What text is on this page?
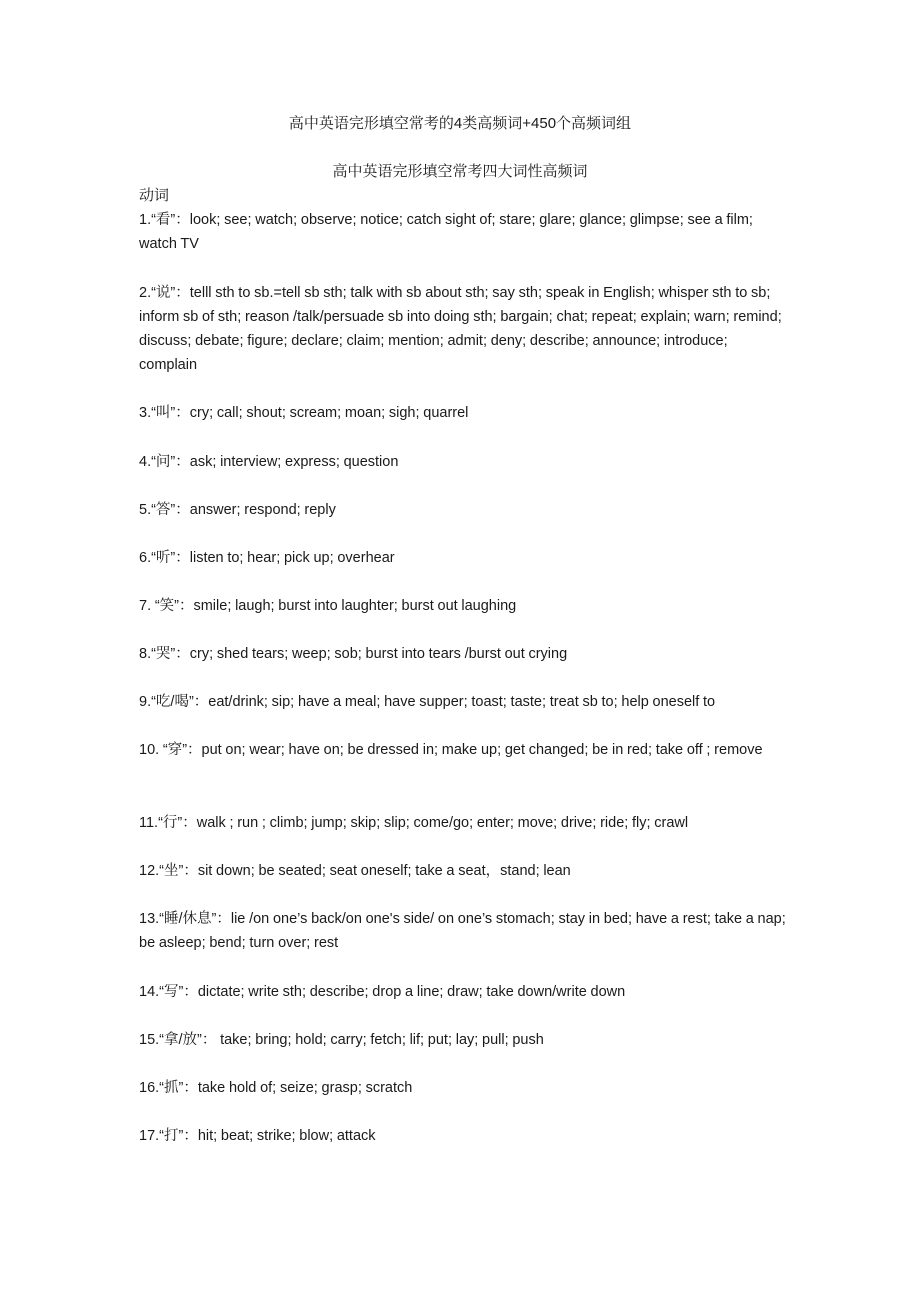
高中英语完形填空常考的4类高频词+450个高频词组
高中英语完形填空常考四大词性高频词
动词
1.“看”：look; see; watch; observe; notice; catch sight of; stare; glare; glance; glimpse; see a film; watch TV
2.“说”：telll sth to sb.=tell sb sth; talk with sb about sth; say sth; speak in English; whisper sth to sb; inform sb of sth; reason /talk/persuade sb into doing sth; bargain; chat; repeat; explain; warn; remind; discuss; debate; figure; declare; claim; mention; admit; deny; describe; announce; introduce; complain
3.“叫”：cry; call; shout; scream; moan; sigh; quarrel
4.“问”：ask; interview; express; question
5.“答”：answer; respond; reply
6.“听”：listen to; hear; pick up; overhear
7. “笑”：smile; laugh; burst into laughter; burst out laughing
8.“哭”：cry; shed tears; weep; sob; burst into tears /burst out crying
9.“吃/喝”：eat/drink; sip; have a meal; have supper; toast; taste; treat sb to; help oneself to
10. “穿”：put on; wear; have on; be dressed in; make up; get changed; be in red; take off ; remove
11.“行”：walk ; run ; climb; jump; skip; slip; come/go; enter; move; drive; ride; fly; crawl
12.“坐”：sit down; be seated; seat oneself; take a seat，stand; lean
13.“睡/休息”：lie /on one’s back/on one's side/ on one’s stomach; stay in bed; have a rest; take a nap; be asleep; bend; turn over; rest
14.“写”：dictate; write sth; describe; drop a line; draw; take down/write down
15.“拿/放”： take; bring; hold; carry; fetch; lif; put; lay; pull; push
16.“抓”：take hold of; seize; grasp; scratch
17.“打”：hit; beat; strike; blow; attack
